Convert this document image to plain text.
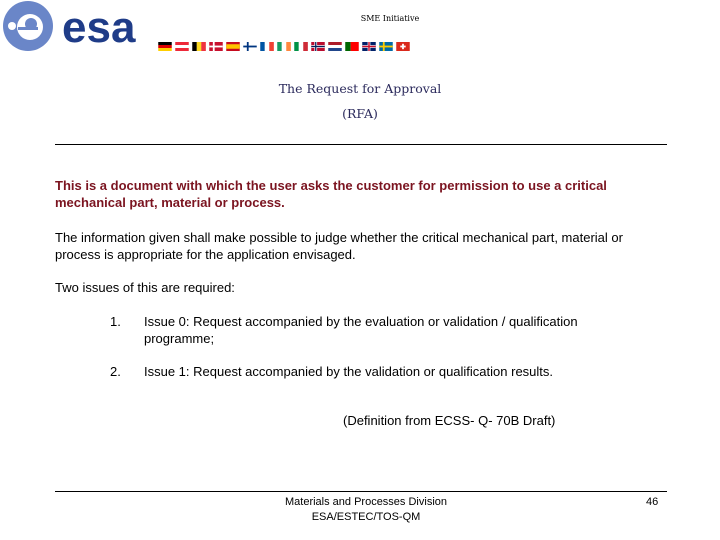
esa	SME Initiative
The Request for Approval
(RFA)
This is a document with which the user asks the customer for permission to use a critical mechanical part, material or process.
The information given shall make possible to judge whether the critical mechanical part, material or process is appropriate for the application envisaged.
Two issues of this are required:
1. Issue 0: Request accompanied by the evaluation or validation / qualification programme;
2. Issue 1: Request accompanied by the validation or qualification results.
(Definition from ECSS- Q- 70B Draft)
Materials and Processes Division
ESA/ESTEC/TOS-QM
46
